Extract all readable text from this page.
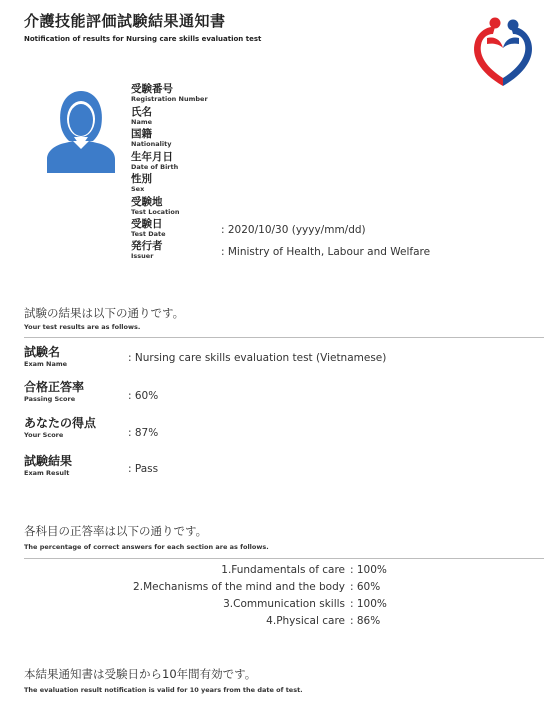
介護技能評価試験結果通知書
Notification of results for Nursing care skills evaluation test
受験番号
Registration Number
氏名
Name
国籍
Nationality
生年月日
Date of Birth
性別
Sex
受験地
Test Location
受験日
Test Date	: 2020/10/30 (yyyy/mm/dd)
発行者
Issuer	: Ministry of Health, Labour and Welfare
試験の結果は以下の通りです。
Your test results are as follows.
試験名
Exam Name	: Nursing care skills evaluation test (Vietnamese)
合格正答率
Passing Score	: 60%
あなたの得点
Your Score	: 87%
試験結果
Exam Result	: Pass
各科目の正答率は以下の通りです。
The percentage of correct answers for each section are as follows.
1.Fundamentals of care : 100%
2.Mechanisms of the mind and the body : 60%
3.Communication skills : 100%
4.Physical care : 86%
本結果通知書は受験日から10年間有効です。
The evaluation result notification is valid for 10 years from the date of test.
